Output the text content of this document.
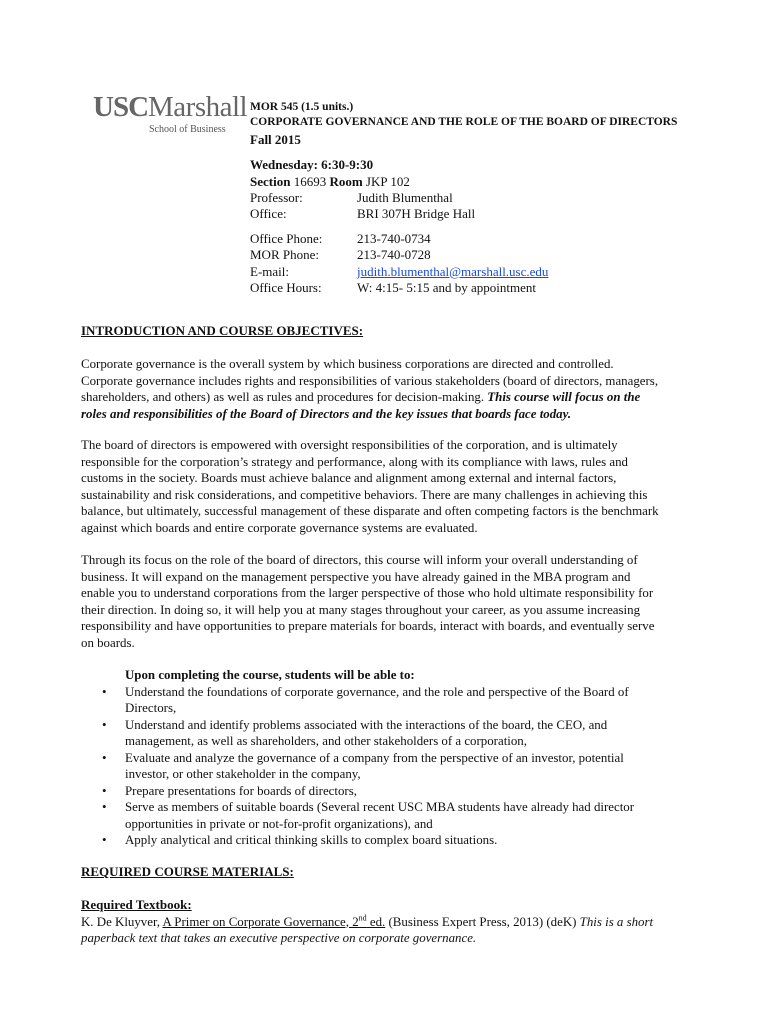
USCMarshall
School of Business
MOR 545 (1.5 units.)
CORPORATE GOVERNANCE AND THE ROLE OF THE BOARD OF DIRECTORS
Fall 2015
Wednesday: 6:30-9:30
Section 16693 Room JKP 102
Professor:	Judith Blumenthal
Office:	BRI 307H Bridge Hall
Office Phone:	213-740-0734
MOR Phone:	213-740-0728
E-mail:	judith.blumenthal@marshall.usc.edu
Office Hours:	W: 4:15- 5:15 and by appointment
INTRODUCTION AND COURSE OBJECTIVES:
Corporate governance is the overall system by which business corporations are directed and controlled.
Corporate governance includes rights and responsibilities of various stakeholders (board of directors, managers,
shareholders, and others) as well as rules and procedures for decision-making. This course will focus on the
roles and responsibilities of the Board of Directors and the key issues that boards face today.
The board of directors is empowered with oversight responsibilities of the corporation, and is ultimately
responsible for the corporation’s strategy and performance, along with its compliance with laws, rules and
customs in the society. Boards must achieve balance and alignment among external and internal factors,
sustainability and risk considerations, and competitive behaviors. There are many challenges in achieving this
balance, but ultimately, successful management of these disparate and often competing factors is the benchmark
against which boards and entire corporate governance systems are evaluated.
Through its focus on the role of the board of directors, this course will inform your overall understanding of
business. It will expand on the management perspective you have already gained in the MBA program and
enable you to understand corporations from the larger perspective of those who hold ultimate responsibility for
their direction. In doing so, it will help you at many stages throughout your career, as you assume increasing
responsibility and have opportunities to prepare materials for boards, interact with boards, and eventually serve
on boards.
Upon completing the course, students will be able to:
• Understand the foundations of corporate governance, and the role and perspective of the Board of
Directors,
• Understand and identify problems associated with the interactions of the board, the CEO, and
management, as well as shareholders, and other stakeholders of a corporation,
• Evaluate and analyze the governance of a company from the perspective of an investor, potential
investor, or other stakeholder in the company,
• Prepare presentations for boards of directors,
• Serve as members of suitable boards (Several recent USC MBA students have already had director
opportunities in private or not-for-profit organizations), and
• Apply analytical and critical thinking skills to complex board situations.
REQUIRED COURSE MATERIALS:
Required Textbook:
K. De Kluyver, A Primer on Corporate Governance, 2nd ed. (Business Expert Press, 2013) (deK) This is a short
paperback text that takes an executive perspective on corporate governance.
